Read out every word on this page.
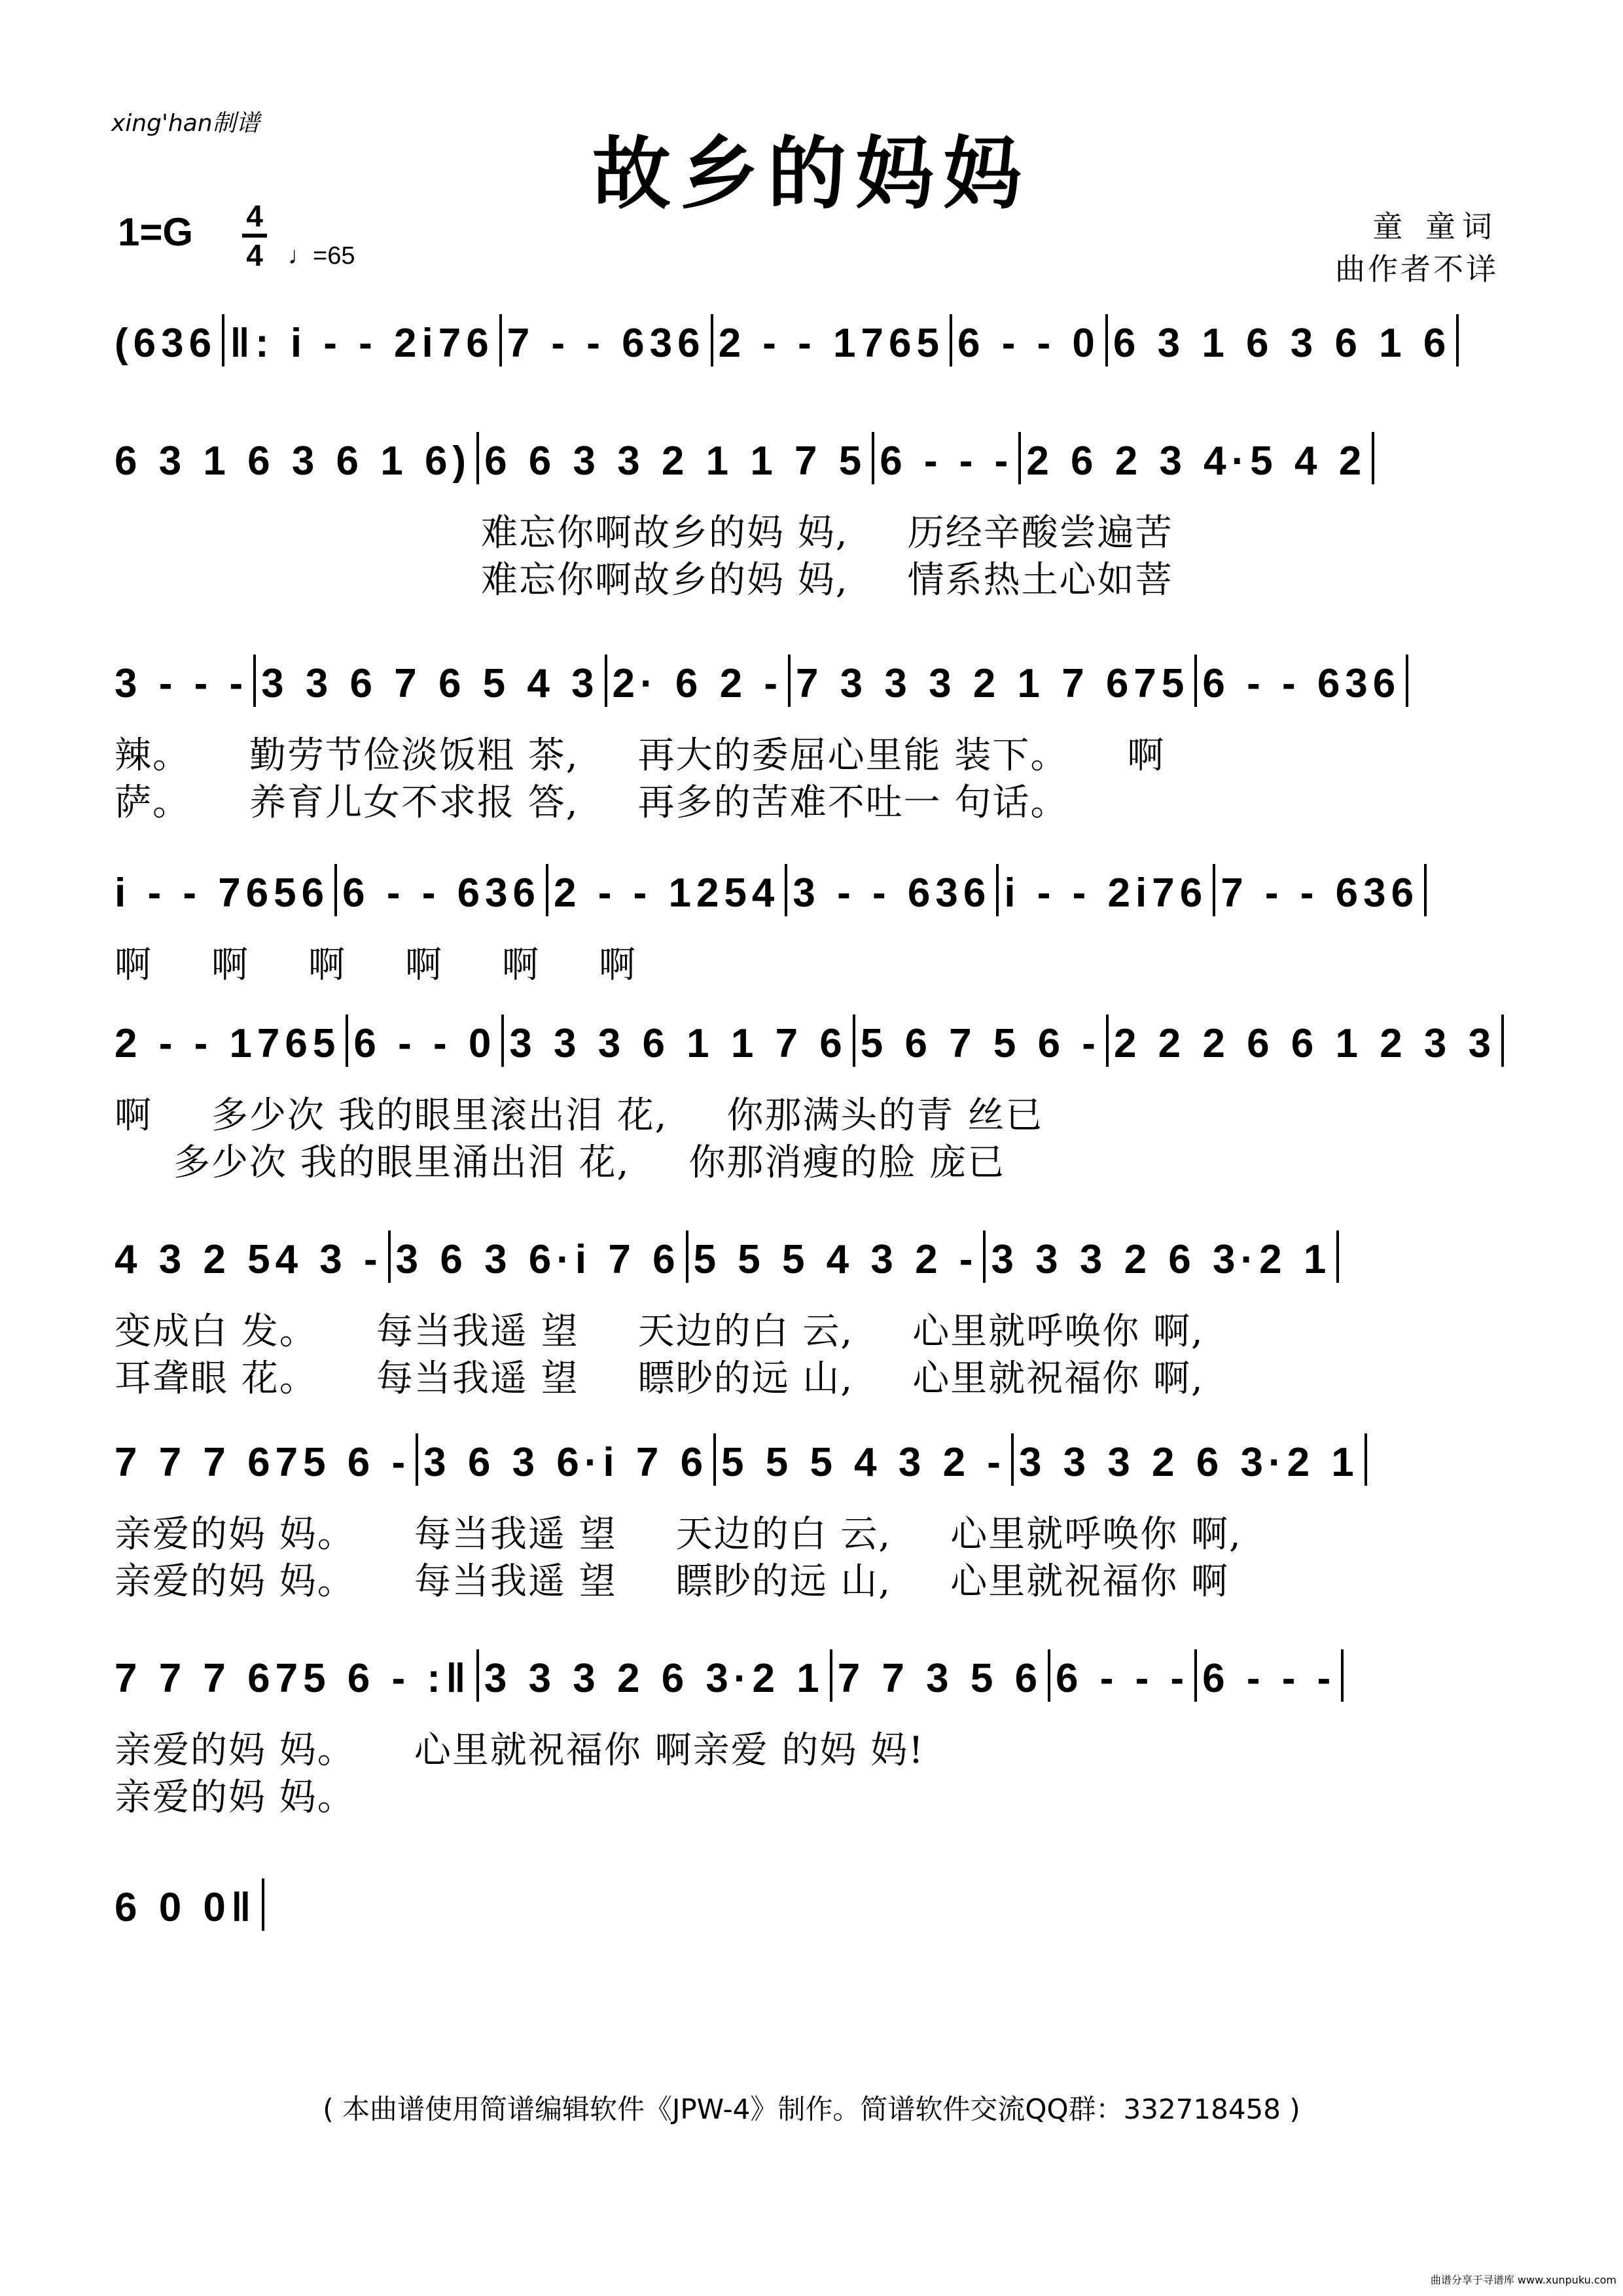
xing'han制谱
故乡的妈妈
1=G 4
4 ♩=65
童 童词
曲作者不详
(636 ‖: i - - 2i76 7 - - 636 2 - - 1765 6 - - 0 6 3 1 6 3 6 1 6
6 3 1 6 3 6 1 6) 6 6 3 3 2 1 1 7 5 6 - - - 2 6 2 3 4·5 4 2
难忘你啊故乡的妈 妈, 历经辛酸尝遍苦
难忘你啊故乡的妈 妈, 情系热土心如菩
3 - - - 3 3 6 7 6 5 4 3 2· 6 2 - 7 3 3 3 2 1 7 675 6 - - 636
辣。 勤劳节俭淡饭粗 茶, 再大的委屈心里能 装下。 啊
萨。 养育儿女不求报 答, 再多的苦难不吐一 句话。
i - - 7656 6 - - 636 2 - - 1254 3 - - 636 i - - 2i76 7 - - 636
啊 啊 啊 啊 啊 啊
2 - - 1765 6 - - 0 3 3 3 6 1 1 7 6 5 6 7 5 6 - 2 2 2 6 6 1 2 3 3
啊 多少次 我的眼里滚出泪 花, 你那满头的青 丝已
多少次 我的眼里涌出泪 花, 你那消瘦的脸 庞已
4 3 2 54 3 - 3 6 3 6·i 7 6 5 5 5 4 3 2 - 3 3 3 2 6 3·2 1
变成白 发。 每当我遥 望 天边的白 云, 心里就呼唤你 啊,
耳聋眼 花。 每当我遥 望 瞟眇的远 山, 心里就祝福你 啊,
7 7 7 675 6 - 3 6 3 6·i 7 6 5 5 5 4 3 2 - 3 3 3 2 6 3·2 1
亲爱的妈 妈。 每当我遥 望 天边的白 云, 心里就呼唤你 啊,
亲爱的妈 妈。 每当我遥 望 瞟眇的远 山, 心里就祝福你 啊
7 7 7 675 6 - :‖ 3 3 3 2 6 3·2 1 7 7 3 5 6 6 - - - 6 - - -
亲爱的妈 妈。 心里就祝福你 啊亲爱 的妈 妈!
亲爱的妈 妈。
6 0 0‖
( 本曲谱使用简谱编辑软件《JPW-4》制作。简谱软件交流QQ群：332718458 )
曲谱分享于寻谱库 www.xunpuku.com
